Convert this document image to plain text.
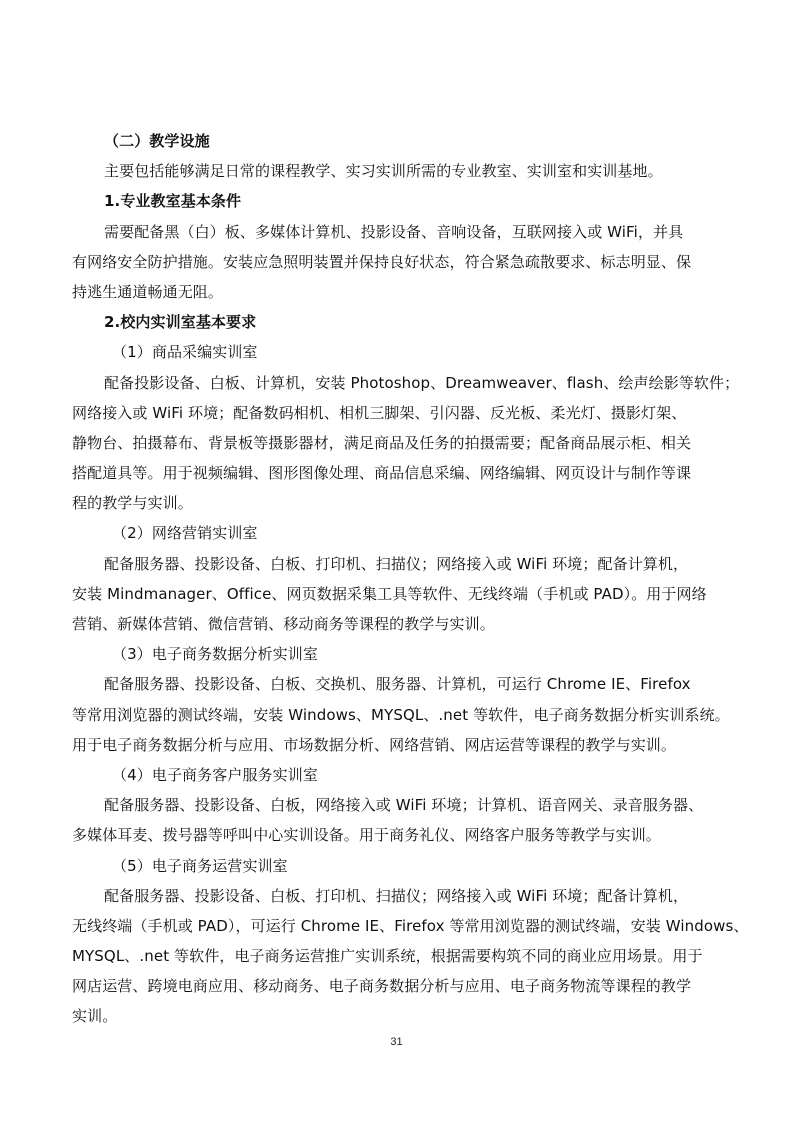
（二）教学设施
主要包括能够满足日常的课程教学、实习实训所需的专业教室、实训室和实训基地。
1.专业教室基本条件
需要配备黑（白）板、多媒体计算机、投影设备、音响设备，互联网接入或 WiFi，并具
有网络安全防护措施。安装应急照明装置并保持良好状态，符合紧急疏散要求、标志明显、保
持逃生通道畅通无阻。
2.校内实训室基本要求
（1）商品采编实训室
配备投影设备、白板、计算机，安装 Photoshop、Dreamweaver、flash、绘声绘影等软件；
网络接入或 WiFi 环境；配备数码相机、相机三脚架、引闪器、反光板、柔光灯、摄影灯架、
静物台、拍摄幕布、背景板等摄影器材，满足商品及任务的拍摄需要；配备商品展示柜、相关
搭配道具等。用于视频编辑、图形图像处理、商品信息采编、网络编辑、网页设计与制作等课
程的教学与实训。
（2）网络营销实训室
配备服务器、投影设备、白板、打印机、扫描仪；网络接入或 WiFi 环境；配备计算机，
安装 Mindmanager、Office、网页数据采集工具等软件、无线终端（手机或 PAD）。用于网络
营销、新媒体营销、微信营销、移动商务等课程的教学与实训。
（3）电子商务数据分析实训室
配备服务器、投影设备、白板、交换机、服务器、计算机，可运行 Chrome IE、Firefox
等常用浏览器的测试终端，安装 Windows、MYSQL、.net 等软件，电子商务数据分析实训系统。
用于电子商务数据分析与应用、市场数据分析、网络营销、网店运营等课程的教学与实训。
（4）电子商务客户服务实训室
配备服务器、投影设备、白板，网络接入或 WiFi 环境；计算机、语音网关、录音服务器、
多媒体耳麦、拨号器等呼叫中心实训设备。用于商务礼仪、网络客户服务等教学与实训。
（5）电子商务运营实训室
配备服务器、投影设备、白板、打印机、扫描仪；网络接入或 WiFi 环境；配备计算机，
无线终端（手机或 PAD），可运行 Chrome IE、Firefox 等常用浏览器的测试终端，安装 Windows、
MYSQL、.net 等软件，电子商务运营推广实训系统，根据需要构筑不同的商业应用场景。用于
网店运营、跨境电商应用、移动商务、电子商务数据分析与应用、电子商务物流等课程的教学
实训。
31
